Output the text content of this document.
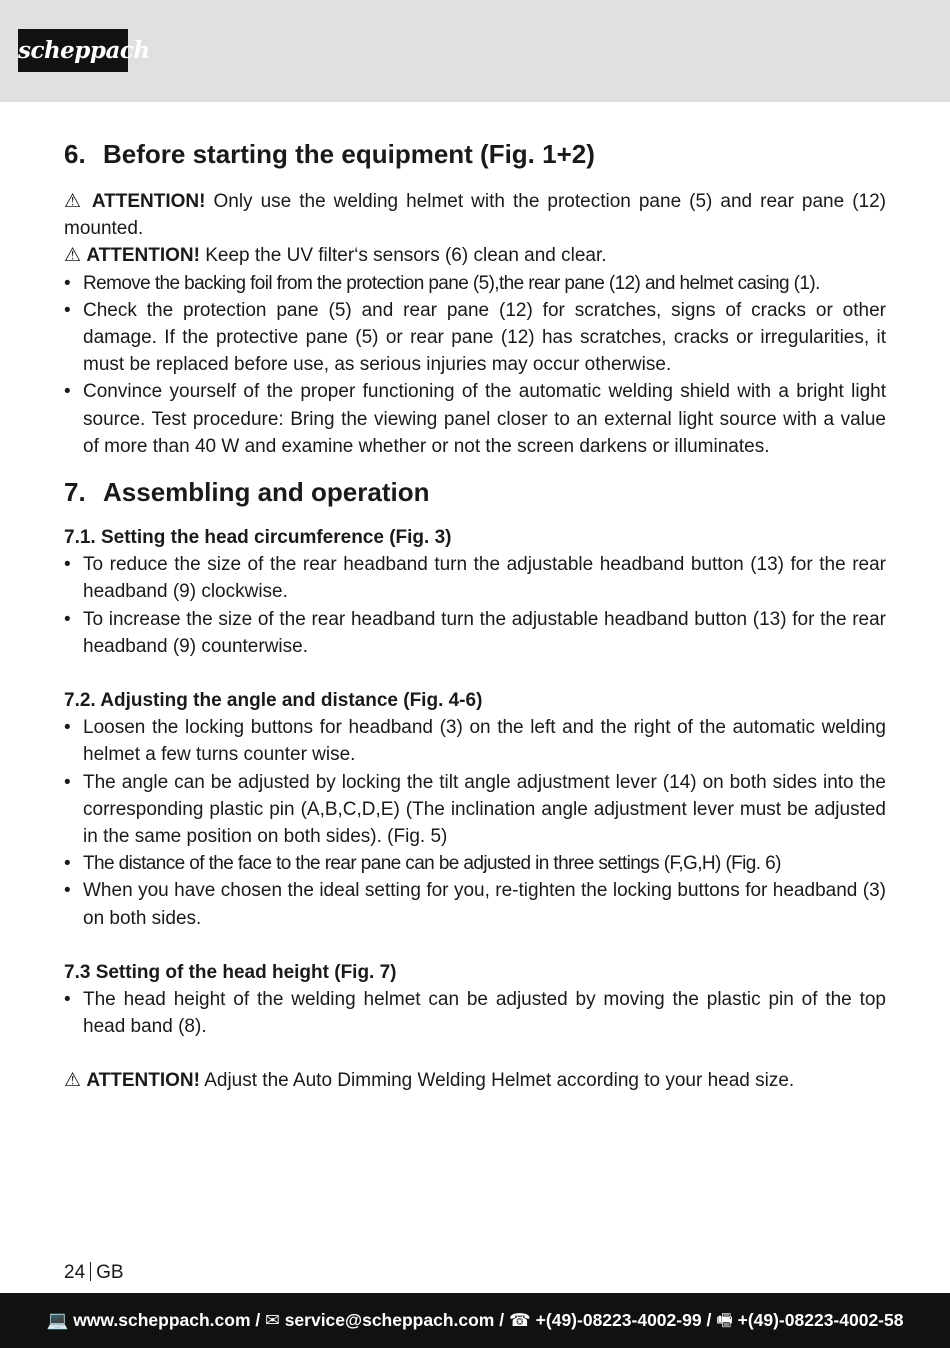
scheppach
6. Before starting the equipment (Fig. 1+2)

⚠ ATTENTION! Only use the welding helmet with the protection pane (5) and rear pane (12) mounted.

⚠ ATTENTION! Keep the UV filter‘s sensors (6) clean and clear.

• Remove the backing foil from the protection pane (5),the rear pane (12) and helmet casing (1).
• Check the protection pane (5) and rear pane (12) for scratches, signs of cracks or other damage. If the protective pane (5) or rear pane (12) has scratches, cracks or irregularities, it must be replaced before use, as serious injuries may occur otherwise.
• Convince yourself of the proper functioning of the automatic welding shield with a bright light source. Test procedure: Bring the viewing panel closer to an external light source with a value of more than 40 W and examine whether or not the screen darkens or illuminates.
7. Assembling and operation
7.1. Setting the head circumference (Fig. 3)
• To reduce the size of the rear headband turn the adjustable headband button (13) for the rear headband (9) clockwise.
• To increase the size of the rear headband turn the adjustable headband button (13) for the rear headband (9) counterwise.
7.2. Adjusting the angle and distance (Fig. 4-6)
• Loosen the locking buttons for headband (3) on the left and the right of the automatic welding helmet a few turns counter wise.
• The angle can be adjusted by locking the tilt angle adjustment lever (14) on both sides into the corresponding plastic pin (A,B,C,D,E) (The inclination angle adjustment lever must be adjusted in the same position on both sides). (Fig. 5)
• The distance of the face to the rear pane can be adjusted in three settings (F,G,H) (Fig. 6)
• When you have chosen the ideal setting for you, re-tighten the locking buttons for headband (3) on both sides.
7.3 Setting of the head height (Fig. 7)
• The head height of the welding helmet can be adjusted by moving the plastic pin of the top head band (8).

⚠ ATTENTION! Adjust the Auto Dimming Welding Helmet according to your head size.

24 GB
💻 www.scheppach.com / ✉ service@scheppach.com / ☎ +(49)-08223-4002-99 / 🖷 +(49)-08223-4002-58
